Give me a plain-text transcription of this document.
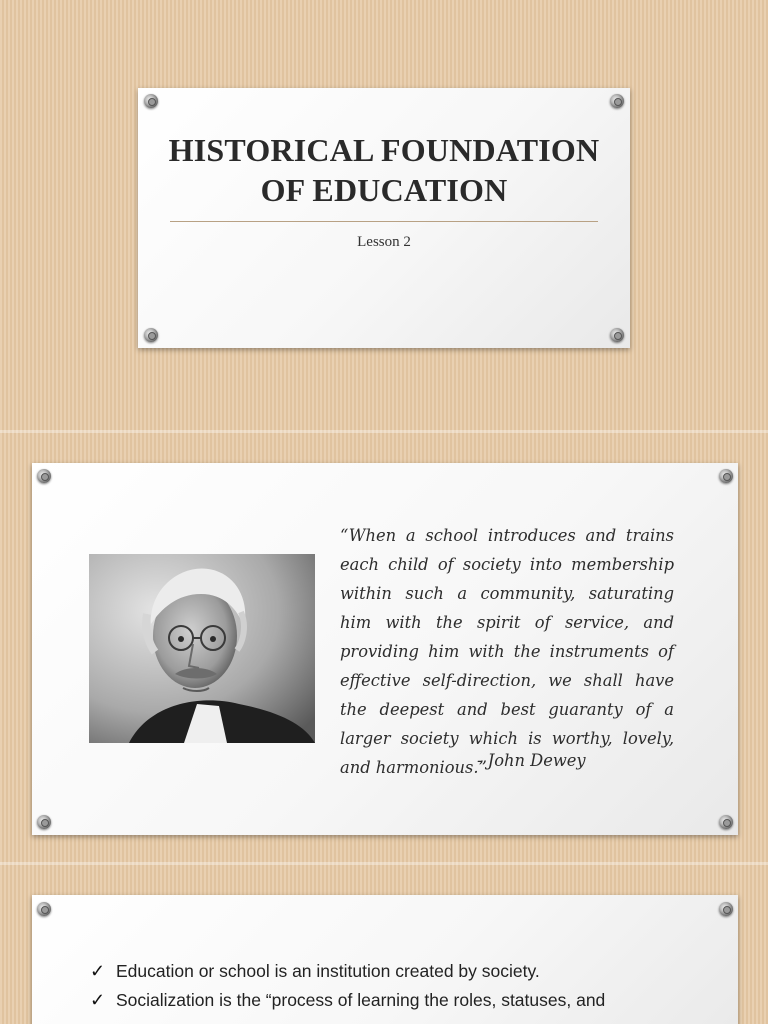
HISTORICAL FOUNDATION
OF EDUCATION
Lesson 2
“When a school introduces and trains each child of society into membership within such a community, saturating him with the spirit of service, and providing him with the instruments of effective self-direction, we shall have the deepest and best guaranty of a larger society which is worthy, lovely, and harmonious.”
- John Dewey
✓ Education or school is an institution created by society.
✓ Socialization is the “process of learning the roles, statuses, and
